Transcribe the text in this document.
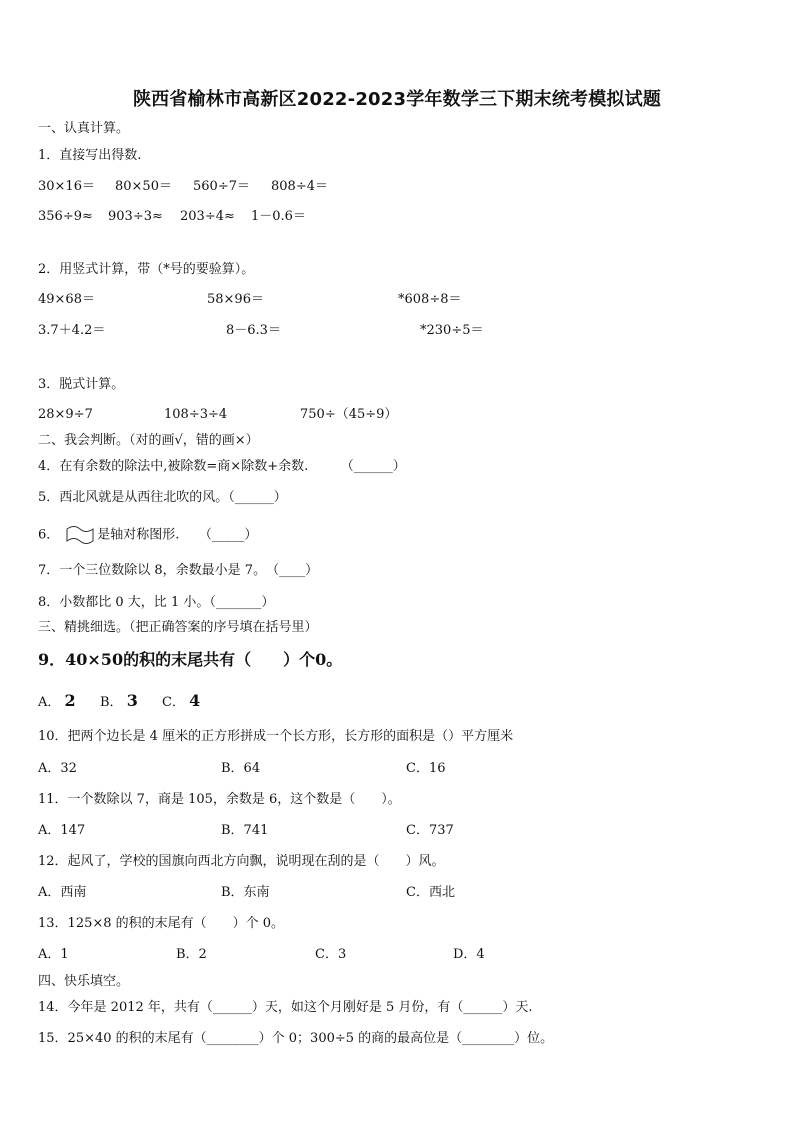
陕西省榆林市高新区2022-2023学年数学三下期末统考模拟试题
一、认真计算。
1．直接写出得数.
30×16＝ 80×50＝ 560÷7＝ 808÷4＝
356÷9≈ 903÷3≈ 203÷4≈ 1－0.6＝
2．用竖式计算，带（*号的要验算）。
49×68＝	58×96＝	*608÷8＝
3.7＋4.2＝	8－6.3＝	*230÷5＝
3．脱式计算。
28×9÷7	108÷3÷4	750÷（45÷9）
二、我会判断。（对的画√，错的画×）
4．在有余数的除法中,被除数=商×除数+余数.　　　（______）
5．西北风就是从西往北吹的风。（______）
6．	是轴对称图形.　　（_____）
7．一个三位数除以 8，余数最小是 7。　（____）
8．小数都比 0 大，比 1 小。（_______）
三、精挑细选。（把正确答案的序号填在括号里）
9．40×50的积的末尾共有（　　）个0。
A． 2 B． 3 C． 4
10．把两个边长是 4 厘米的正方形拼成一个长方形，长方形的面积是（）平方厘米
A．32	B．64	C．16
11．一个数除以 7，商是 105，余数是 6，这个数是（　　）。
A．147	B．741	C．737
12．起风了，学校的国旗向西北方向飘，说明现在刮的是（　　）风。
A．西南	B．东南	C．西北
13．125×8 的积的末尾有（　　）个 0。
A．1	B．2	C．3	D．4
四、快乐填空。
14．今年是 2012 年，共有（______）天，如这个月刚好是 5 月份，有（______）天.
15．25×40 的积的末尾有（________）个 0；300÷5 的商的最高位是（________）位。
